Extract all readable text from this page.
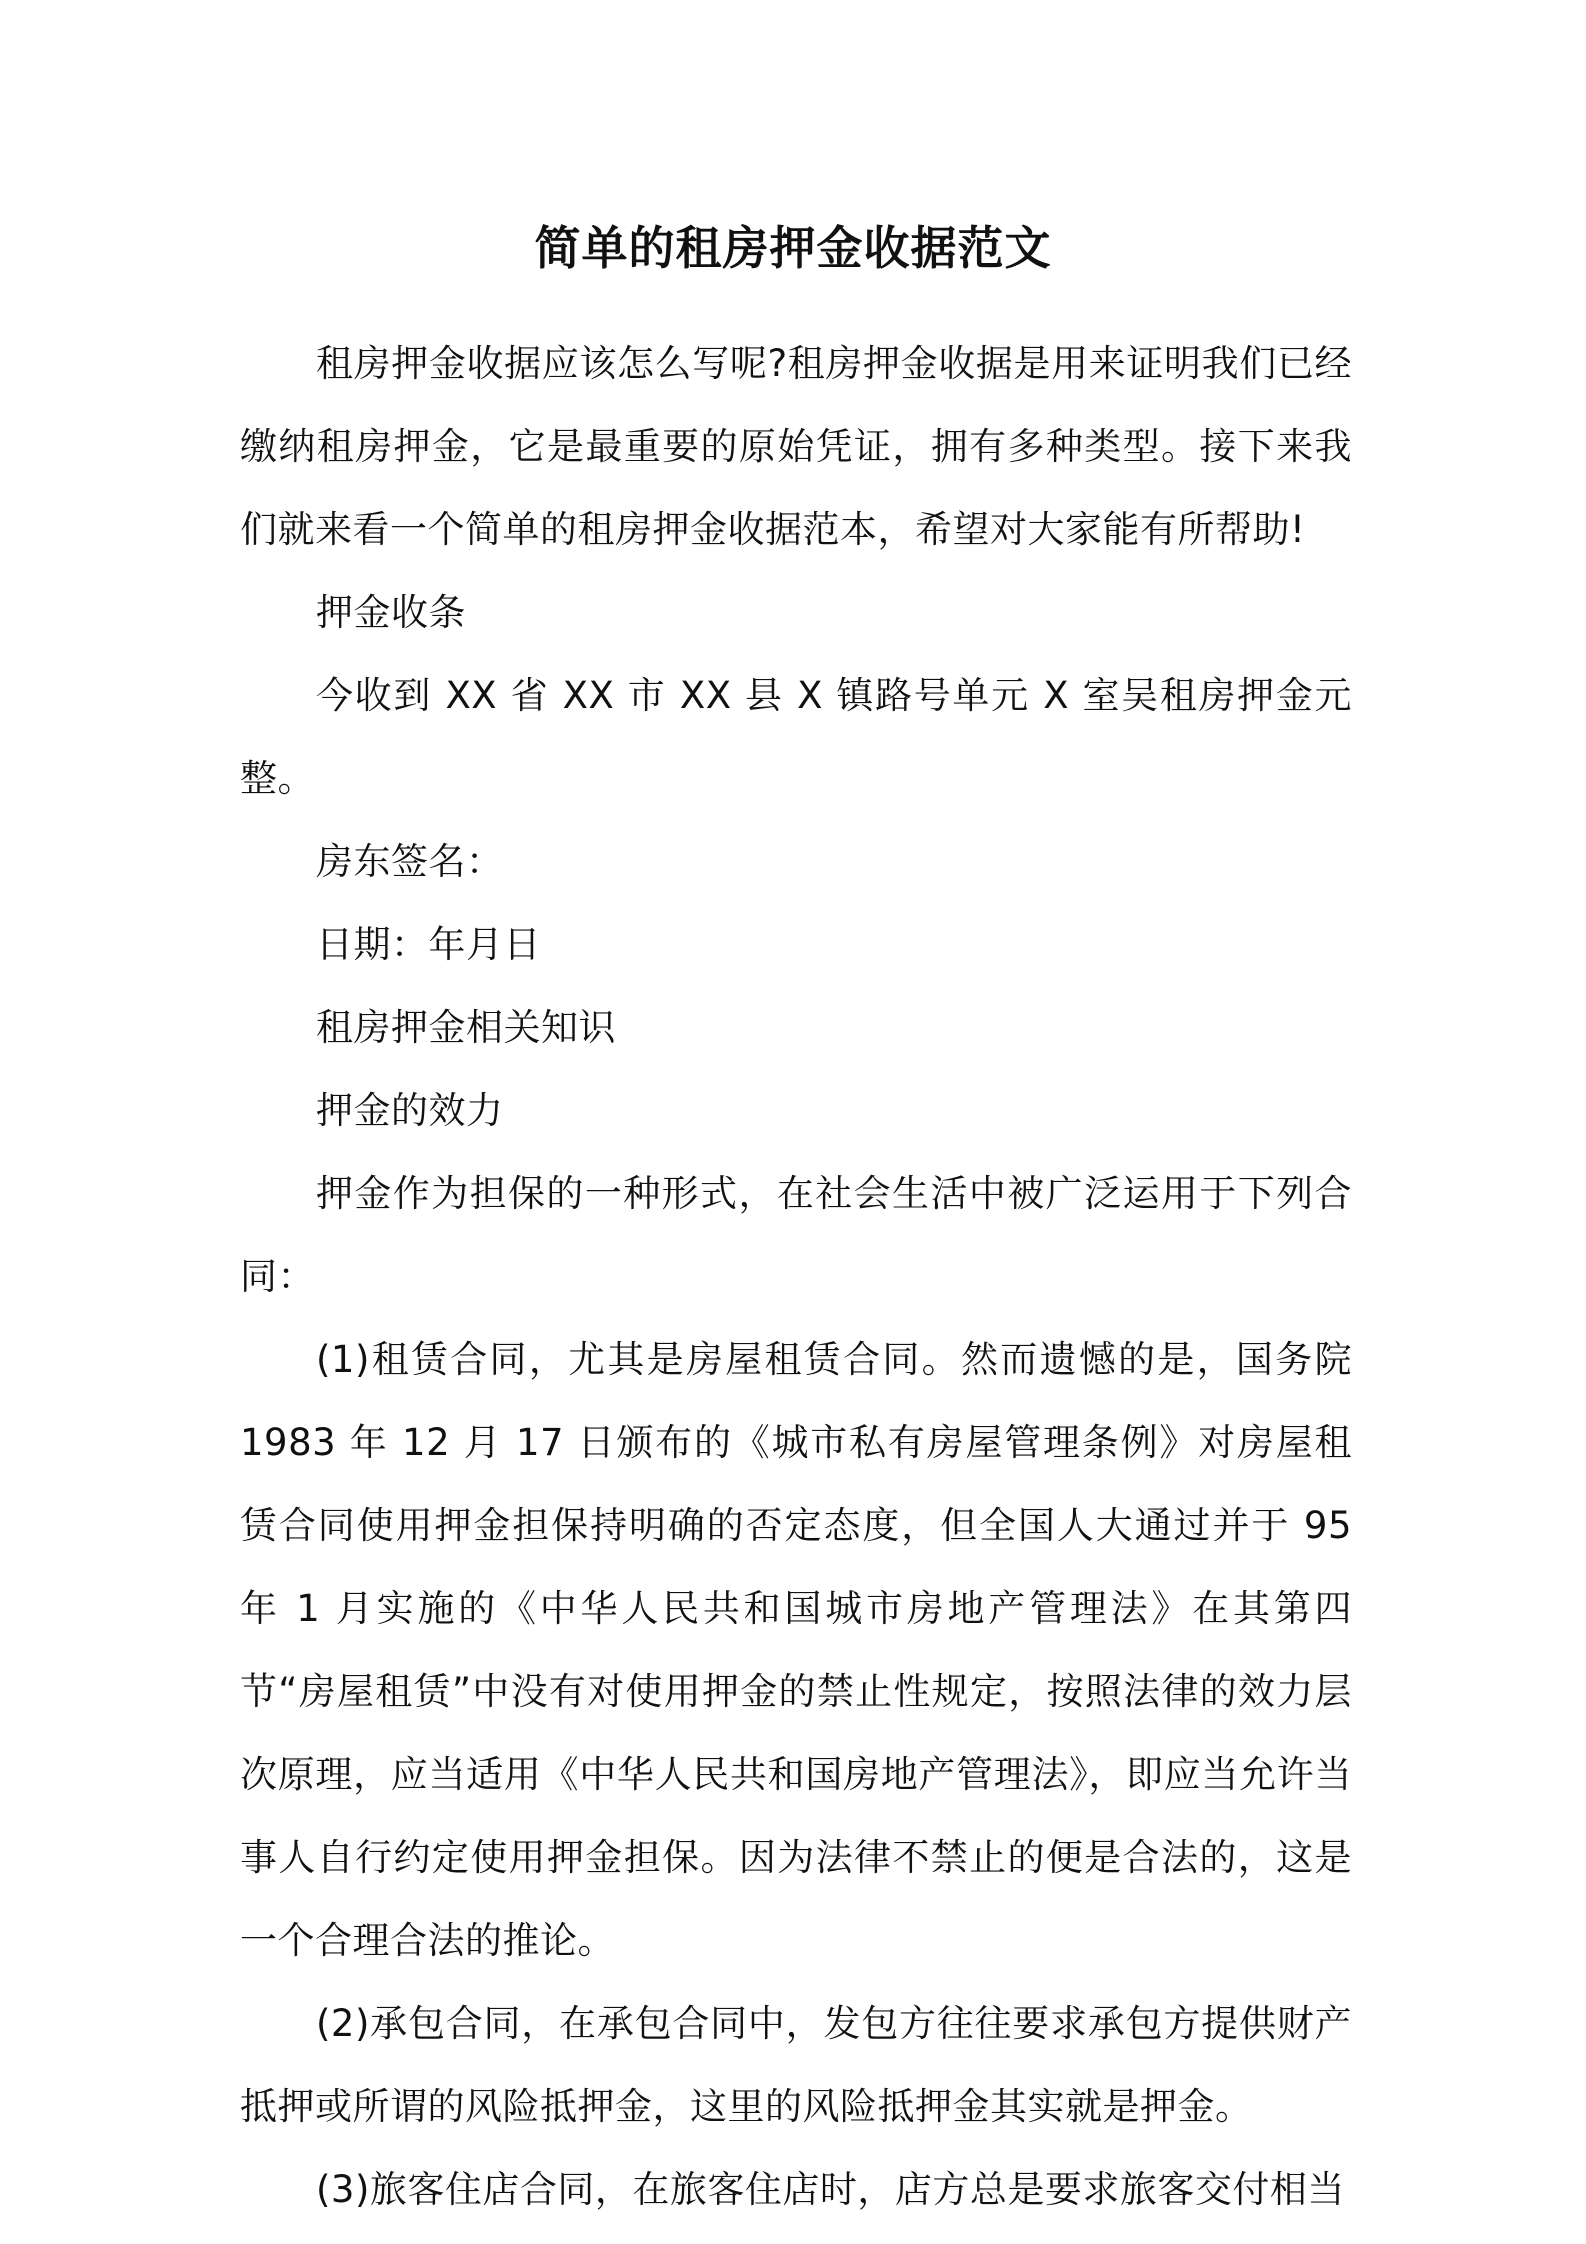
简单的租房押金收据范文

租房押金收据应该怎么写呢?租房押金收据是用来证明我们已经缴纳租房押金，它是最重要的原始凭证，拥有多种类型。接下来我们就来看一个简单的租房押金收据范本，希望对大家能有所帮助!

押金收条

今收到 XX 省 XX 市 XX 县 X 镇路号单元 X 室吴租房押金元整。

房东签名：

日期：年月日

租房押金相关知识

押金的效力

押金作为担保的一种形式，在社会生活中被广泛运用于下列合同：

(1)租赁合同，尤其是房屋租赁合同。然而遗憾的是，国务院 1983 年 12 月 17 日颁布的《城市私有房屋管理条例》对房屋租赁合同使用押金担保持明确的否定态度，但全国人大通过并于 95 年 1 月实施的《中华人民共和国城市房地产管理法》在其第四节“房屋租赁”中没有对使用押金的禁止性规定，按照法律的效力层次原理，应当适用《中华人民共和国房地产管理法》，即应当允许当事人自行约定使用押金担保。因为法律不禁止的便是合法的，这是一个合理合法的推论。

(2)承包合同，在承包合同中，发包方往往要求承包方提供财产抵押或所谓的风险抵押金，这里的风险抵押金其实就是押金。

(3)旅客住店合同，在旅客住店时，店方总是要求旅客交付相当
